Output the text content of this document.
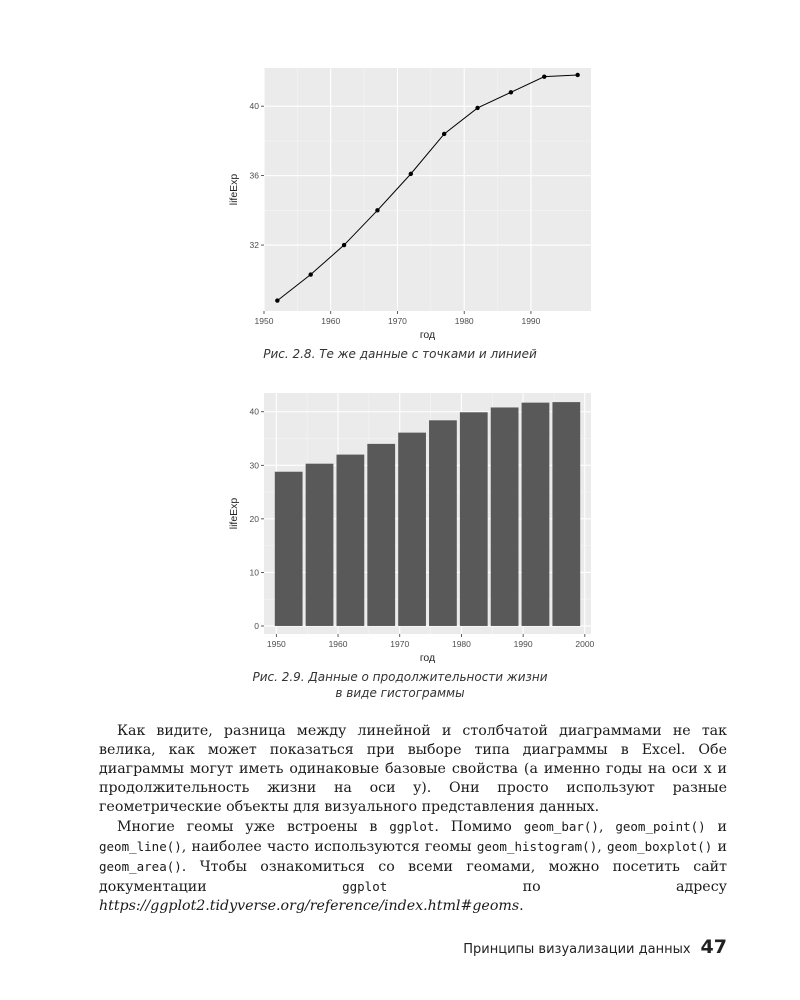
1950	1960	1970	1980	1990
32
36
40
год
lifeExp
Рис. 2.8. Те же данные с точками и линией
1950	1960	1970	1980	1990	2000
0
10
20
30
40
год
lifeExp
Рис. 2.9. Данные о продолжительности жизни
в виде гистограммы

Как видите, разница между линейной и столбчатой диаграммами не так велика, как может показаться при выборе типа диаграммы в Excel. Обе диаграммы могут иметь одинаковые базовые свойства (а именно годы на оси x и продолжительность жизни на оси y). Они просто используют разные геометрические объекты для визуального представления данных.

Многие геомы уже встроены в ggplot. Помимо geom_bar(), geom_point() и geom_line(), наиболее часто используются геомы geom_histogram(), geom_boxplot() и geom_area(). Чтобы ознакомиться со всеми геомами, можно посетить сайт документации ggplot по адресу https://ggplot2.tidyverse.org/reference/index.html#geoms.

Принципы визуализации данных 47
